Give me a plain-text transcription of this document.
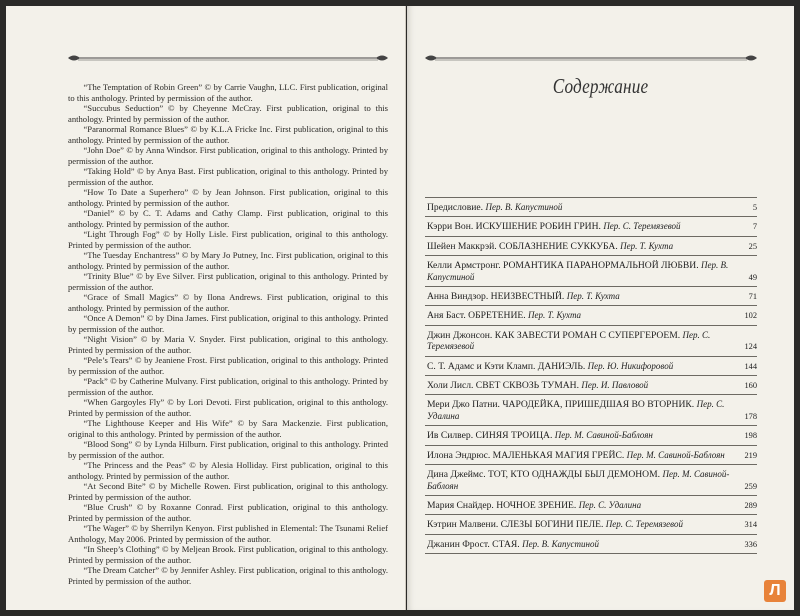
“The Temptation of Robin Green” © by Carrie Vaughn, LLC. First publication, original to this anthology. Printed by permission of the author.

“Succubus Seduction” © by Cheyenne McCray. First publication, original to this anthology. Printed by permission of the author.

“Paranormal Romance Blues” © by K.L.A Fricke Inc. First publication, original to this anthology. Printed by permission of the author.

“John Doe” © by Anna Windsor. First publication, original to this anthology. Printed by permission of the author.

“Taking Hold” © by Anya Bast. First publication, original to this anthology. Printed by permission of the author.

“How To Date a Superhero” © by Jean Johnson. First publication, original to this anthology. Printed by permission of the author.

“Daniel” © by C. T. Adams and Cathy Clamp. First publication, original to this anthology. Printed by permission of the author.

“Light Through Fog” © by Holly Lisle. First publication, original to this anthology. Printed by permission of the author.

“The Tuesday Enchantress” © by Mary Jo Putney, Inc. First publication, original to this anthology. Printed by permission of the author.

“Trinity Blue” © by Eve Silver. First publication, original to this anthology. Printed by permission of the author.

“Grace of Small Magics” © by Ilona Andrews. First publication, original to this anthology. Printed by permission of the author.

“Once A Demon” © by Dina James. First publication, original to this anthology. Printed by permission of the author.

“Night Vision” © by Maria V. Snyder. First publication, original to this anthology. Printed by permission of the author.

“Pele’s Tears” © by Jeaniene Frost. First publication, original to this anthology. Printed by permission of the author.

“Pack” © by Catherine Mulvany. First publication, original to this anthology. Printed by permission of the author.

“When Gargoyles Fly” © by Lori Devoti. First publication, original to this anthology. Printed by permission of the author.

“The Lighthouse Keeper and His Wife” © by Sara Mackenzie. First publication, original to this anthology. Printed by permission of the author.

“Blood Song” © by Lynda Hilburn. First publication, original to this anthology. Printed by permission of the author.

“The Princess and the Peas” © by Alesia Holliday. First publication, original to this anthology. Printed by permission of the author.

“At Second Bite” © by Michelle Rowen. First publication, original to this anthology. Printed by permission of the author.

“Blue Crush” © by Roxanne Conrad. First publication, original to this anthology. Printed by permission of the author.

“The Wager” © by Sherrilyn Kenyon. First published in Elemental: The Tsunami Relief Anthology, May 2006. Printed by permission of the author.

“In Sheep’s Clothing” © by Meljean Brook. First publication, original to this anthology. Printed by permission of the author.

“The Dream Catcher” © by Jennifer Ashley. First publication, original to this anthology. Printed by permission of the author.

Содержание
Предисловие. Пер. В. Капустиной	5
Кэрри Вон. ИСКУШЕНИЕ РОБИН ГРИН. Пер. С. Теремязевой	7
Шейен Маккрэй. СОБЛАЗНЕНИЕ СУККУБА. Пер. Т. Кухта	25
Келли Армстронг. РОМАНТИКА ПАРАНОРМАЛЬНОЙ ЛЮБВИ. Пер. В. Капустиной	49
Анна Виндзор. НЕИЗВЕСТНЫЙ. Пер. Т. Кухта	71
Аня Баст. ОБРЕТЕНИЕ. Пер. Т. Кухта	102
Джин Джонсон. КАК ЗАВЕСТИ РОМАН С СУПЕРГЕРОЕМ. Пер. С. Теремязевой	124
С. Т. Адамс и Кэти Кламп. ДАНИЭЛЬ. Пер. Ю. Никифоровой	144
Холи Лисл. СВЕТ СКВОЗЬ ТУМАН. Пер. И. Павловой	160
Мери Джо Патни. ЧАРОДЕЙКА, ПРИШЕДШАЯ ВО ВТОРНИК. Пер. С. Удалина	178
Ив Силвер. СИНЯЯ ТРОИЦА. Пер. М. Савиной-Баблоян	198
Илона Эндрюс. МАЛЕНЬКАЯ МАГИЯ ГРЕЙС. Пер. М. Савиной-Баблоян	219
Дина Джеймс. ТОТ, КТО ОДНАЖДЫ БЫЛ ДЕМОНОМ. Пер. М. Савиной-Баблоян	259
Мария Снайдер. НОЧНОЕ ЗРЕНИЕ. Пер. С. Удалина	289
Кэтрин Малвени. СЛЕЗЫ БОГИНИ ПЕЛЕ. Пер. С. Теремязевой	314
Джанин Фрост. СТАЯ. Пер. В. Капустиной	336
Л
